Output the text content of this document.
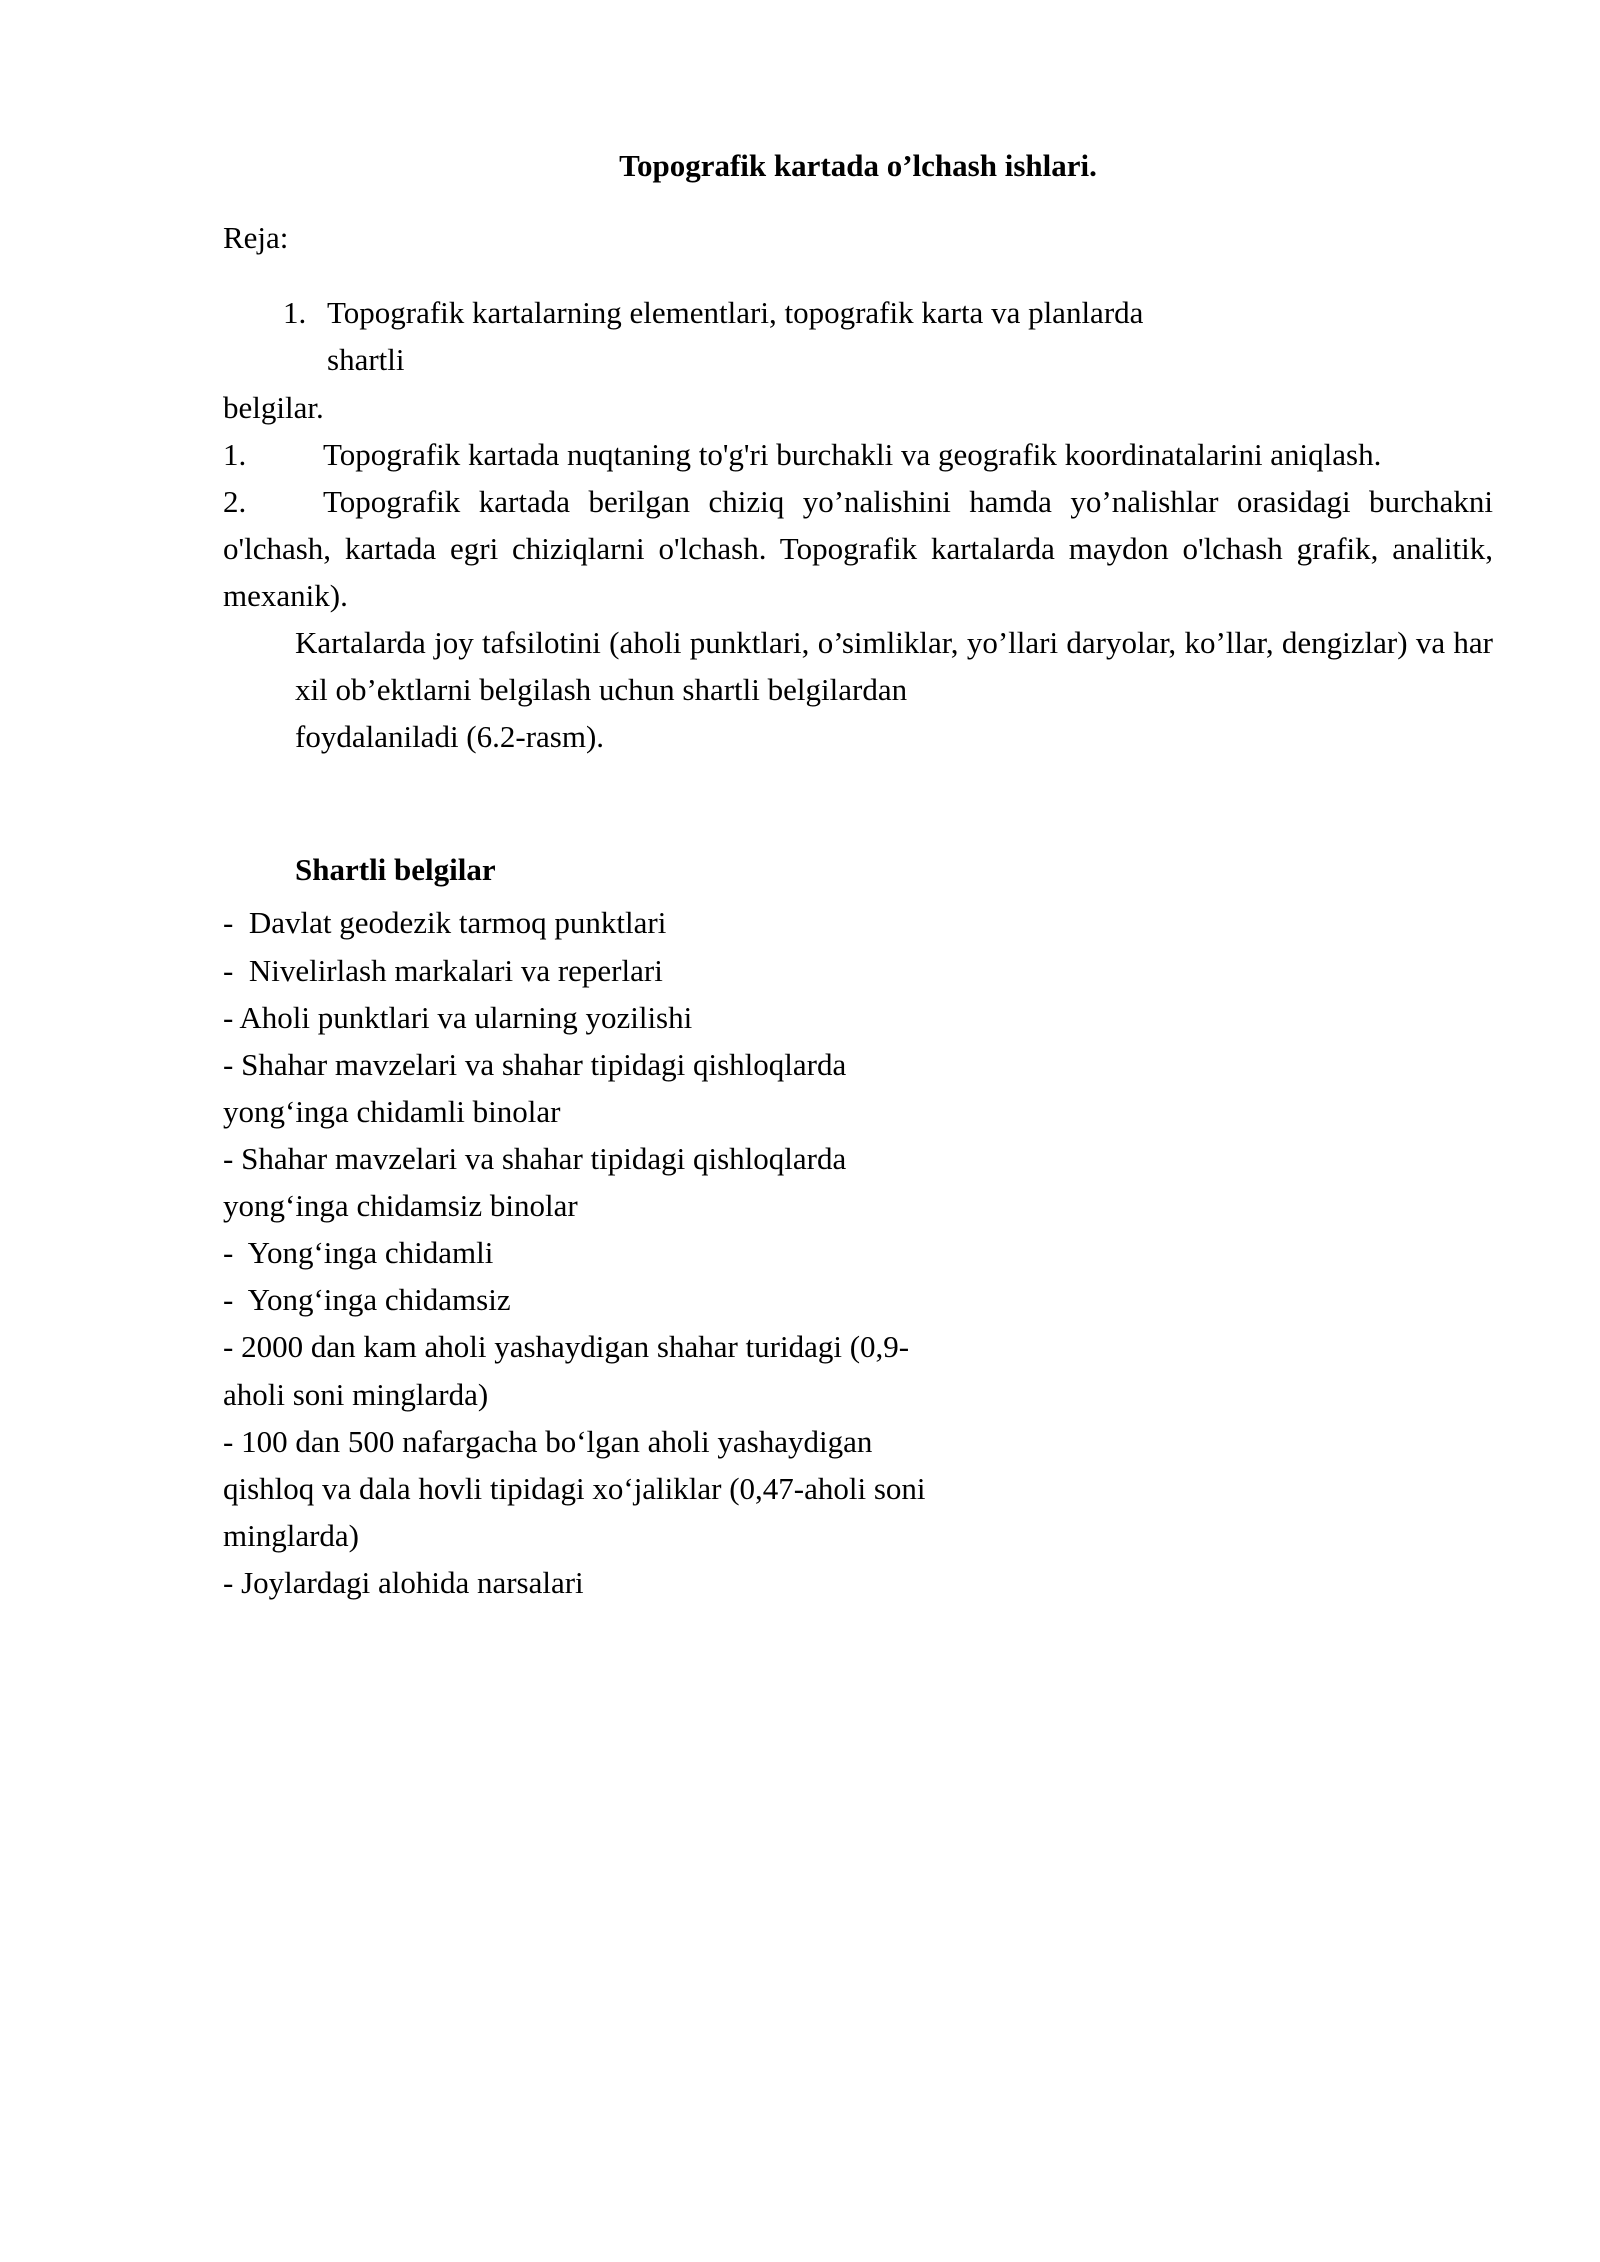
Topografik kartada o’lchash ishlari.

Reja:

Topografik kartalarning elementlari, topografik karta va planlarda
shartli

belgilar.

1. Topografik kartada nuqtaning to'g'ri burchakli va geografik koordinatalarini aniqlash.

2. Topografik kartada berilgan chiziq yo’nalishini hamda yo’nalishlar orasidagi burchakni o'lchash, kartada egri chiziqlarni o'lchash. Topografik kartalarda maydon o'lchash grafik, analitik, mexanik).

Kartalarda joy tafsilotini (aholi punktlari, o’simliklar, yo’llari daryolar, ko’llar, dengizlar) va har xil ob’ektlarni belgilash uchun shartli belgilardan
foydalaniladi (6.2-rasm).

Shartli belgilar

-  Davlat geodezik tarmoq punktlari
-  Nivelirlash markalari va reperlari
- Aholi punktlari va ularning yozilishi
- Shahar mavzelari va shahar tipidagi qishloqlarda
yong‘inga chidamli binolar
- Shahar mavzelari va shahar tipidagi qishloqlarda
yong‘inga chidamsiz binolar
-  Yong‘inga chidamli
-  Yong‘inga chidamsiz
- 2000 dan kam aholi yashaydigan shahar turidagi (0,9-
aholi soni minglarda)
- 100 dan 500 nafargacha bo‘lgan aholi yashaydigan
qishloq va dala hovli tipidagi xo‘jaliklar (0,47-aholi soni
minglarda)
- Joylardagi alohida narsalari
